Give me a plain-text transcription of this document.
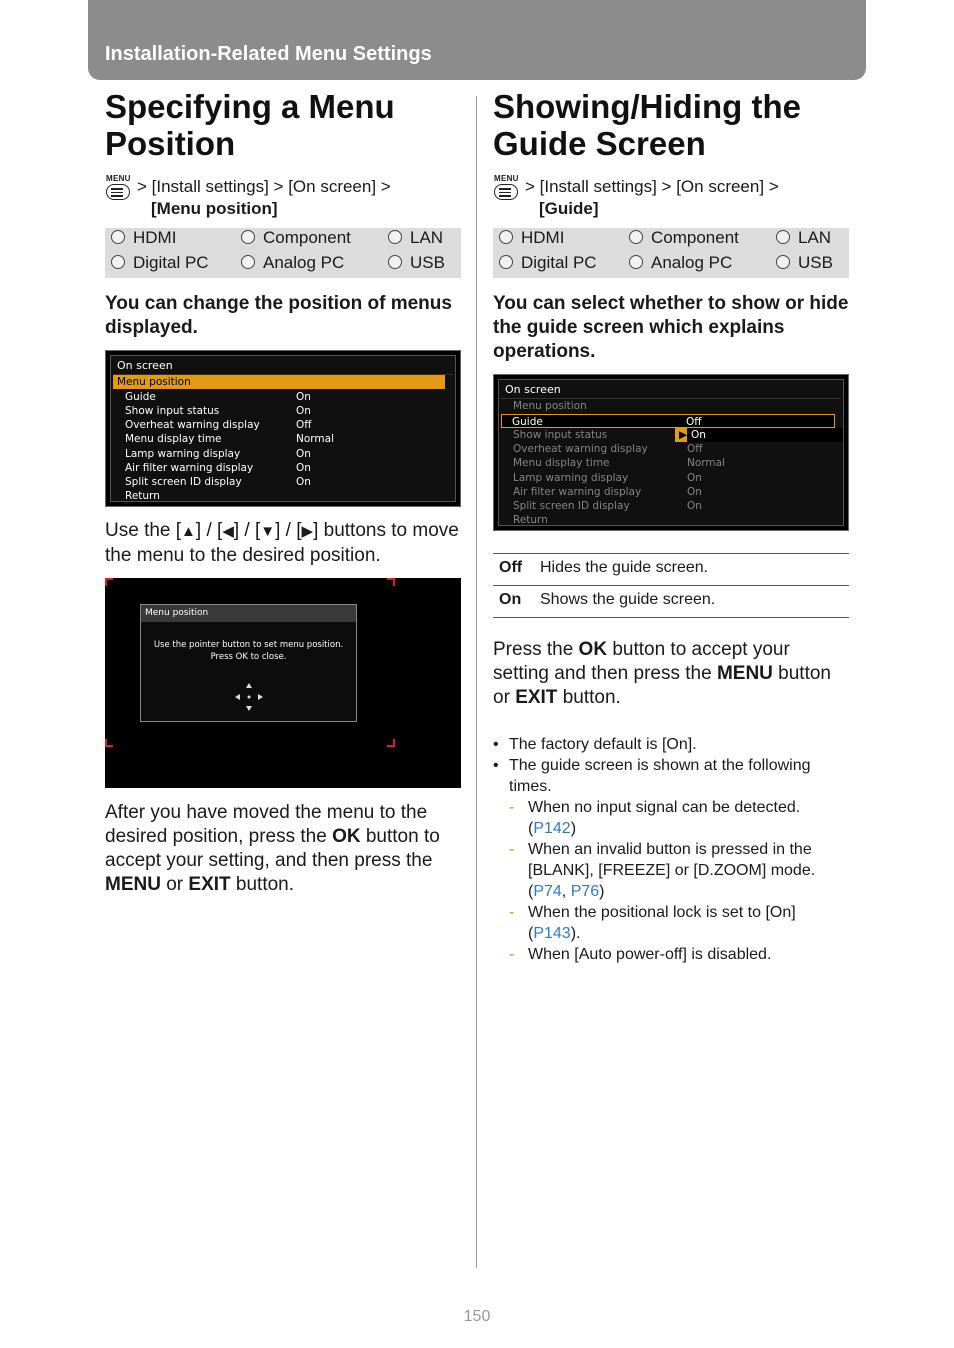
Installation-Related Menu Settings
Specifying a Menu
Position
MENU > [Install settings] > [On screen] >
[Menu position]
HDMI	Component	LAN
Digital PC	Analog PC	USB

You can change the position of menus displayed.

On screen
Menu position
Guide	On
Show input status	On
Overheat warning display	Off
Menu display time	Normal
Lamp warning display	On
Air filter warning display	On
Split screen ID display	On
Return

Use the [▲] / [◀] / [▼] / [▶] buttons to move the menu to the desired position.

Menu position
Use the pointer button to set menu position.
Press OK to close.

After you have moved the menu to the desired position, press the OK button to accept your setting, and then press the MENU or EXIT button.

Showing/Hiding the
Guide Screen
MENU > [Install settings] > [On screen] >
[Guide]
HDMI	Component	LAN
Digital PC	Analog PC	USB

You can select whether to show or hide the guide screen which explains operations.

On screen
Menu position
Guide	Off
Show input status	▶ On
Overheat warning display	Off
Menu display time	Normal
Lamp warning display	On
Air filter warning display	On
Split screen ID display	On
Return
Off Hides the guide screen.
On Shows the guide screen.

Press the OK button to accept your setting and then press the MENU button or EXIT button.

• The factory default is [On].
• The guide screen is shown at the following times.
- When no input signal can be detected.
(P142)
- When an invalid button is pressed in the [BLANK], [FREEZE] or [D.ZOOM] mode.
(P74, P76)
- When the positional lock is set to [On]
(P143).
- When [Auto power-off] is disabled.
150
